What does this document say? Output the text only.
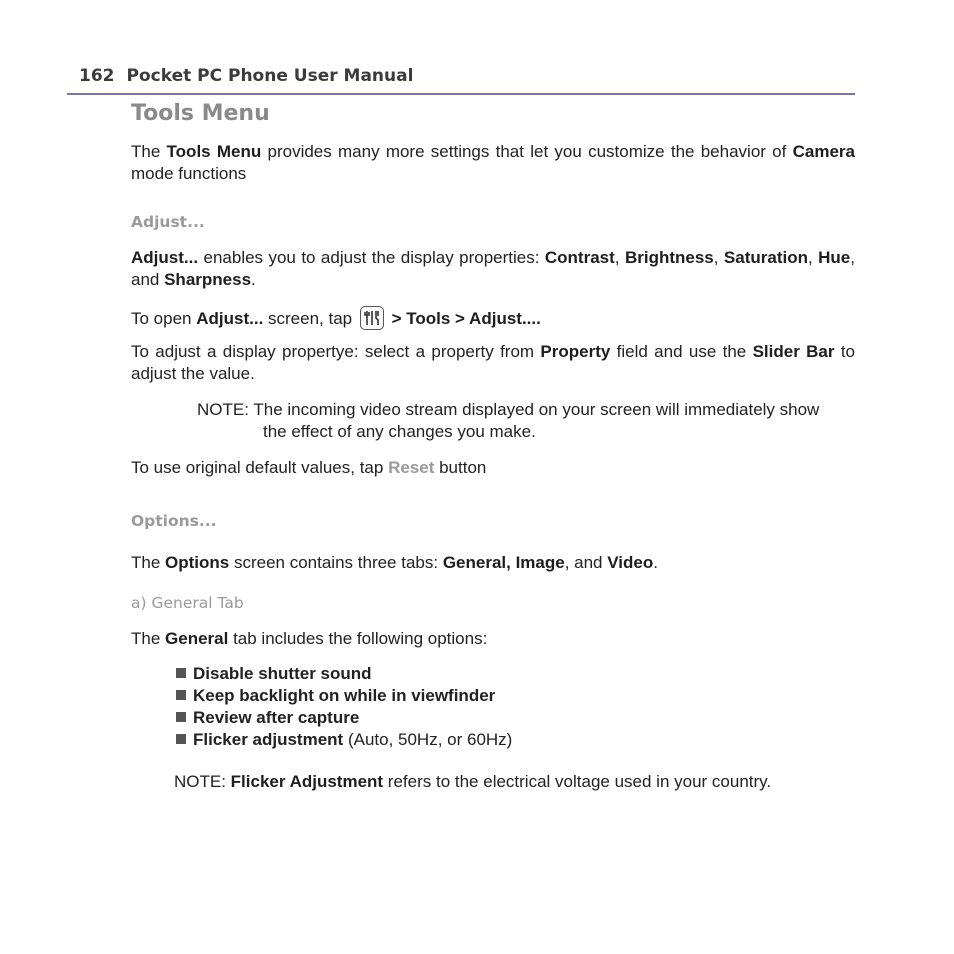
162 Pocket PC Phone User Manual
Tools Menu

The Tools Menu provides many more settings that let you customize the behavior of Camera mode functions

Adjust...

Adjust... enables you to adjust the display properties: Contrast, Brightness, Saturation, Hue, and Sharpness.

To open Adjust... screen, tap
> Tools > Adjust....

To adjust a display propertye: select a property from Property field and use the Slider Bar to adjust the value.

NOTE: The incoming video stream displayed on your screen will immediately show
the effect of any changes you make.

To use original default values, tap Reset button

Options...

The Options screen contains three tabs: General, Image, and Video.

a) General Tab

The General tab includes the following options:

Disable shutter sound
Keep backlight on while in viewfinder
Review after capture
Flicker adjustment (Auto, 50Hz, or 60Hz)

NOTE: Flicker Adjustment refers to the electrical voltage used in your country.
